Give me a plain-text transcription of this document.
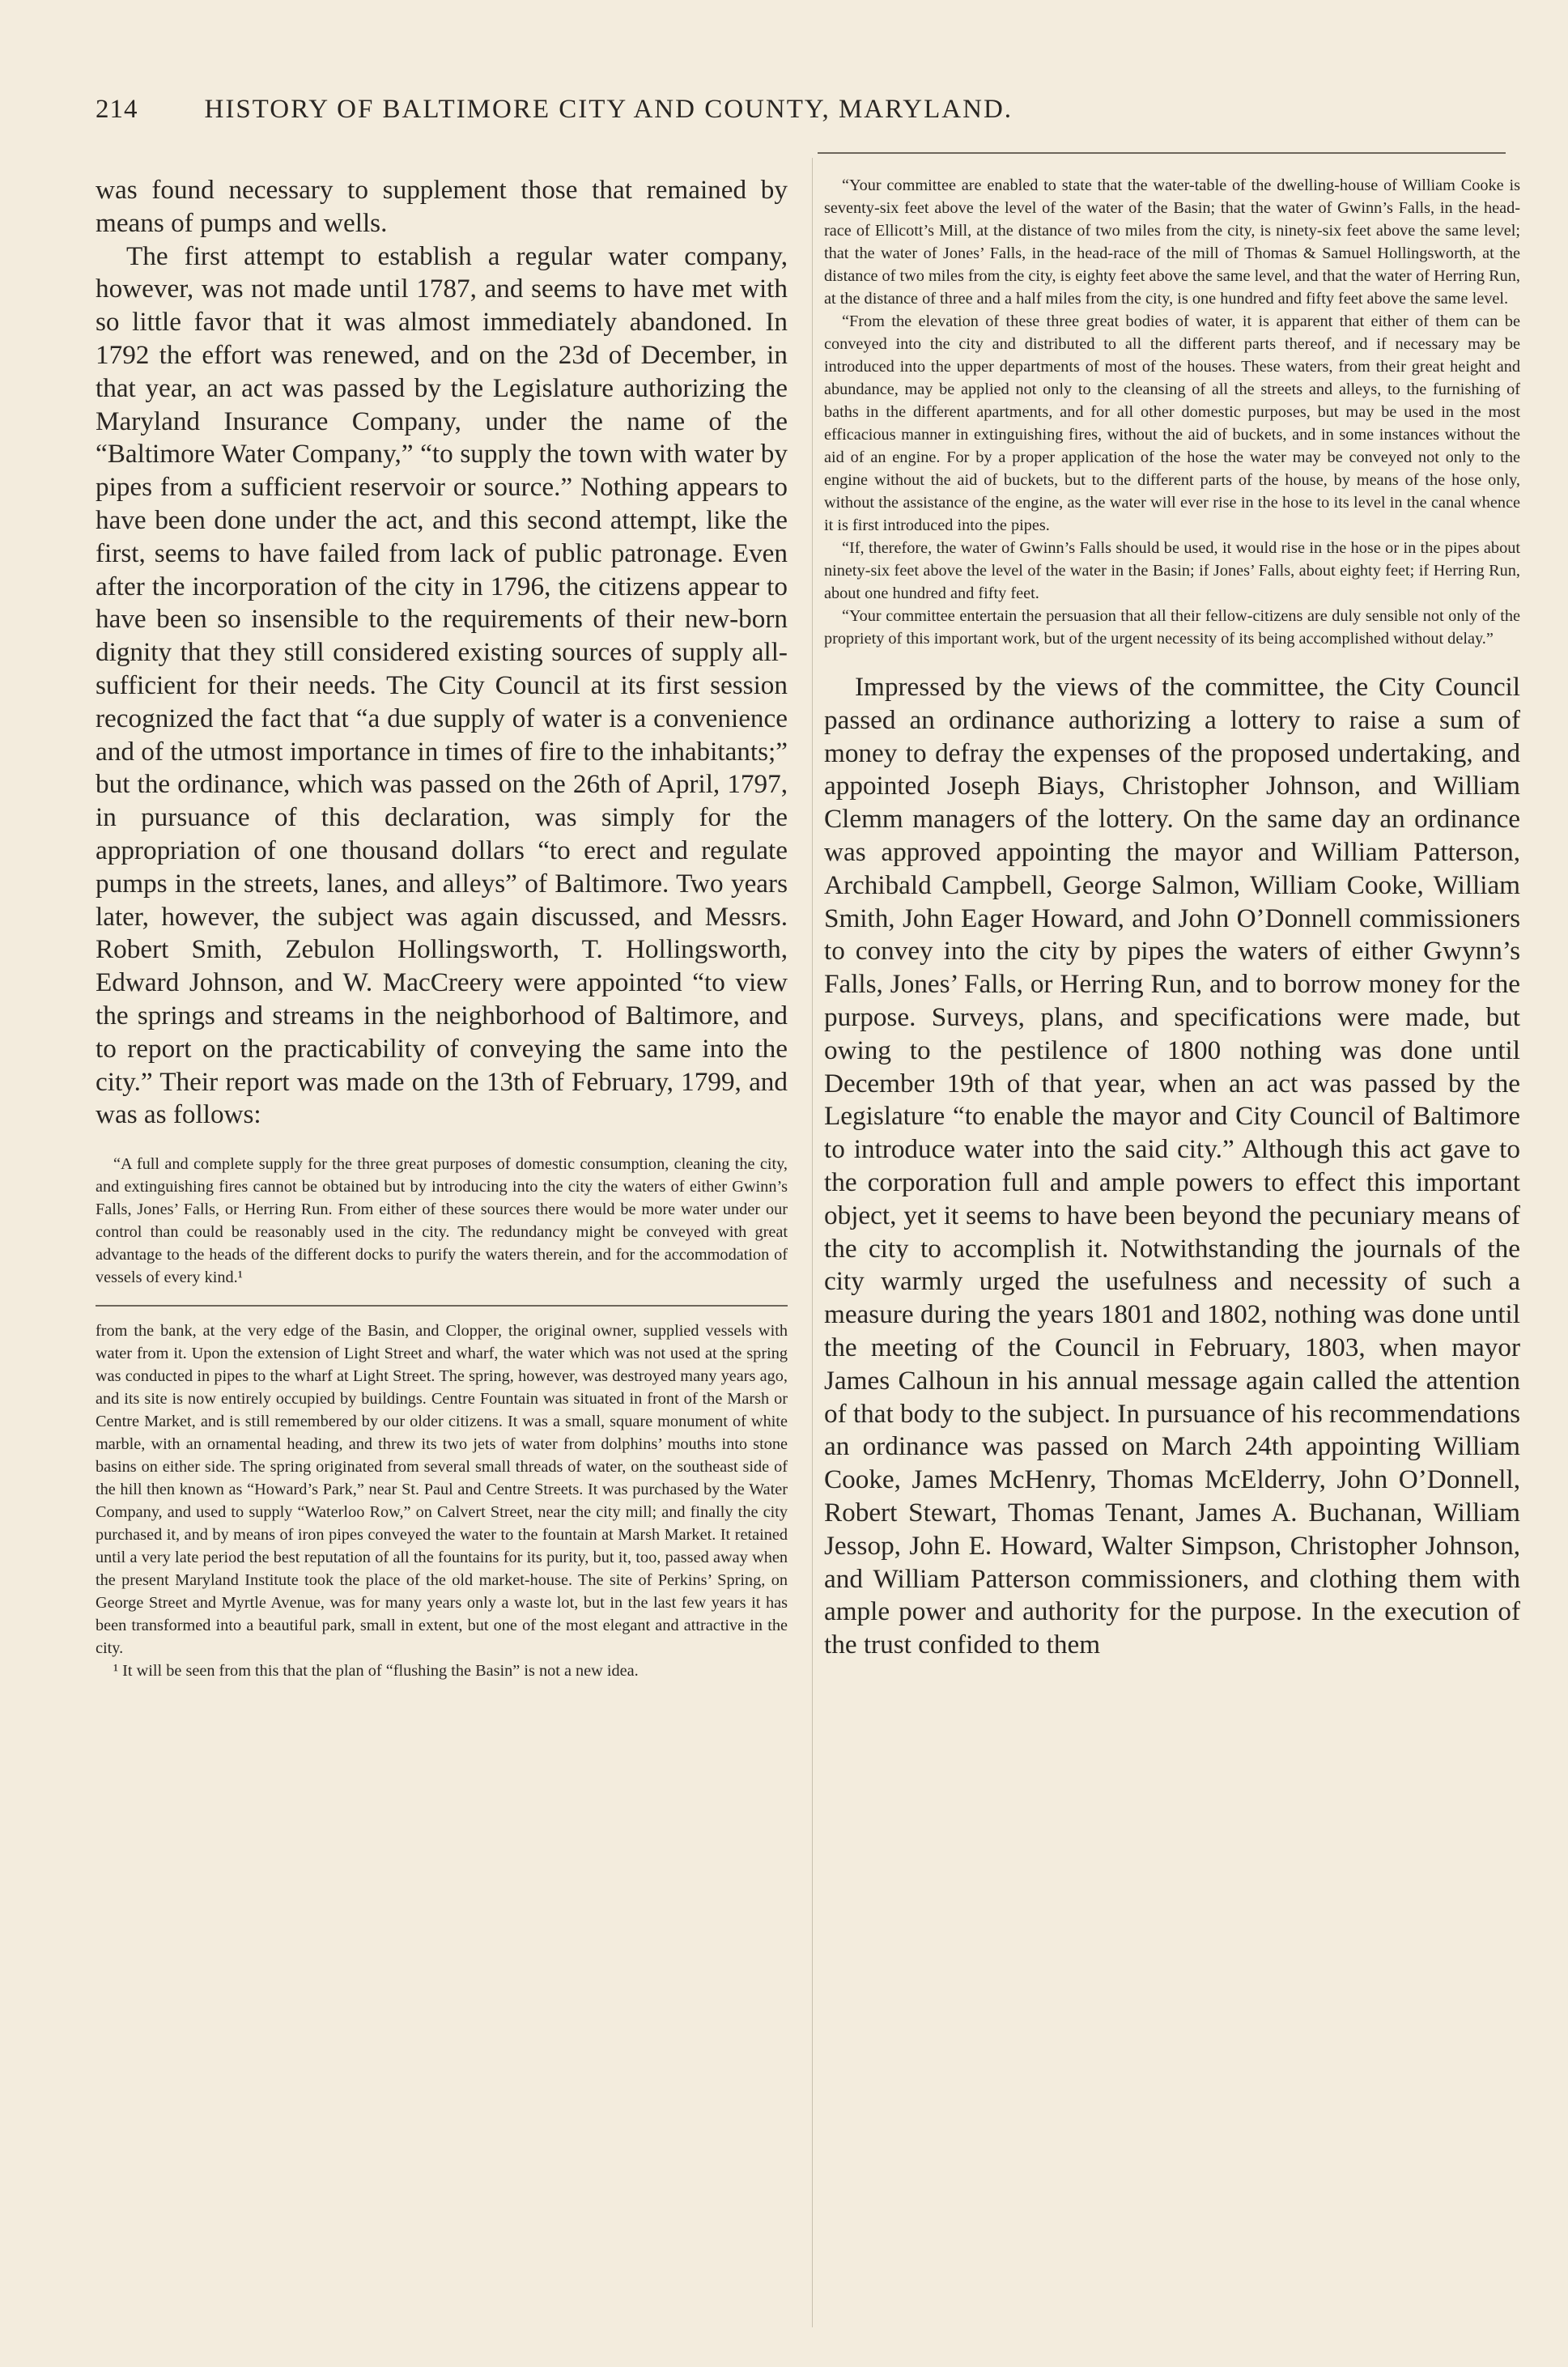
214 HISTORY OF BALTIMORE CITY AND COUNTY, MARYLAND.

was found necessary to supplement those that remained by means of pumps and wells.

The first attempt to establish a regular water company, however, was not made until 1787, and seems to have met with so little favor that it was almost immediately abandoned. In 1792 the effort was renewed, and on the 23d of December, in that year, an act was passed by the Legislature authorizing the Maryland Insurance Company, under the name of the “Baltimore Water Company,” “to supply the town with water by pipes from a sufficient reservoir or source.” Nothing appears to have been done under the act, and this second attempt, like the first, seems to have failed from lack of public patronage. Even after the incorporation of the city in 1796, the citizens appear to have been so insensible to the requirements of their new-born dignity that they still considered existing sources of supply all-sufficient for their needs. The City Council at its first session recognized the fact that “a due supply of water is a convenience and of the utmost importance in times of fire to the inhabitants;” but the ordinance, which was passed on the 26th of April, 1797, in pursuance of this declaration, was simply for the appropriation of one thousand dollars “to erect and regulate pumps in the streets, lanes, and alleys” of Baltimore. Two years later, however, the subject was again discussed, and Messrs. Robert Smith, Zebulon Hollingsworth, T. Hollingsworth, Edward Johnson, and W. MacCreery were appointed “to view the springs and streams in the neighborhood of Baltimore, and to report on the practicability of conveying the same into the city.” Their report was made on the 13th of February, 1799, and was as follows:

“A full and complete supply for the three great purposes of domestic consumption, cleaning the city, and extinguishing fires cannot be obtained but by introducing into the city the waters of either Gwinn’s Falls, Jones’ Falls, or Herring Run. From either of these sources there would be more water under our control than could be reasonably used in the city. The redundancy might be conveyed with great advantage to the heads of the different docks to purify the waters therein, and for the accommodation of vessels of every kind.¹

from the bank, at the very edge of the Basin, and Clopper, the original owner, supplied vessels with water from it. Upon the extension of Light Street and wharf, the water which was not used at the spring was conducted in pipes to the wharf at Light Street. The spring, however, was destroyed many years ago, and its site is now entirely occupied by buildings. Centre Fountain was situated in front of the Marsh or Centre Market, and is still remembered by our older citizens. It was a small, square monument of white marble, with an ornamental heading, and threw its two jets of water from dolphins’ mouths into stone basins on either side. The spring originated from several small threads of water, on the southeast side of the hill then known as “Howard’s Park,” near St. Paul and Centre Streets. It was purchased by the Water Company, and used to supply “Waterloo Row,” on Calvert Street, near the city mill; and finally the city purchased it, and by means of iron pipes conveyed the water to the fountain at Marsh Market. It retained until a very late period the best reputation of all the fountains for its purity, but it, too, passed away when the present Maryland Institute took the place of the old market-house. The site of Perkins’ Spring, on George Street and Myrtle Avenue, was for many years only a waste lot, but in the last few years it has been transformed into a beautiful park, small in extent, but one of the most elegant and attractive in the city.

¹ It will be seen from this that the plan of “flushing the Basin” is not a new idea.

“Your committee are enabled to state that the water-table of the dwelling-house of William Cooke is seventy-six feet above the level of the water of the Basin; that the water of Gwinn’s Falls, in the head-race of Ellicott’s Mill, at the distance of two miles from the city, is ninety-six feet above the same level; that the water of Jones’ Falls, in the head-race of the mill of Thomas & Samuel Hollingsworth, at the distance of two miles from the city, is eighty feet above the same level, and that the water of Herring Run, at the distance of three and a half miles from the city, is one hundred and fifty feet above the same level.

“From the elevation of these three great bodies of water, it is apparent that either of them can be conveyed into the city and distributed to all the different parts thereof, and if necessary may be introduced into the upper departments of most of the houses. These waters, from their great height and abundance, may be applied not only to the cleansing of all the streets and alleys, to the furnishing of baths in the different apartments, and for all other domestic purposes, but may be used in the most efficacious manner in extinguishing fires, without the aid of buckets, and in some instances without the aid of an engine. For by a proper application of the hose the water may be conveyed not only to the engine without the aid of buckets, but to the different parts of the house, by means of the hose only, without the assistance of the engine, as the water will ever rise in the hose to its level in the canal whence it is first introduced into the pipes.

“If, therefore, the water of Gwinn’s Falls should be used, it would rise in the hose or in the pipes about ninety-six feet above the level of the water in the Basin; if Jones’ Falls, about eighty feet; if Herring Run, about one hundred and fifty feet.

“Your committee entertain the persuasion that all their fellow-citizens are duly sensible not only of the propriety of this important work, but of the urgent necessity of its being accomplished without delay.”

Impressed by the views of the committee, the City Council passed an ordinance authorizing a lottery to raise a sum of money to defray the expenses of the proposed undertaking, and appointed Joseph Biays, Christopher Johnson, and William Clemm managers of the lottery. On the same day an ordinance was approved appointing the mayor and William Patterson, Archibald Campbell, George Salmon, William Cooke, William Smith, John Eager Howard, and John O’Donnell commissioners to convey into the city by pipes the waters of either Gwynn’s Falls, Jones’ Falls, or Herring Run, and to borrow money for the purpose. Surveys, plans, and specifications were made, but owing to the pestilence of 1800 nothing was done until December 19th of that year, when an act was passed by the Legislature “to enable the mayor and City Council of Baltimore to introduce water into the said city.” Although this act gave to the corporation full and ample powers to effect this important object, yet it seems to have been beyond the pecuniary means of the city to accomplish it. Notwithstanding the journals of the city warmly urged the usefulness and necessity of such a measure during the years 1801 and 1802, nothing was done until the meeting of the Council in February, 1803, when mayor James Calhoun in his annual message again called the attention of that body to the subject. In pursuance of his recommendations an ordinance was passed on March 24th appointing William Cooke, James McHenry, Thomas McElderry, John O’Donnell, Robert Stewart, Thomas Tenant, James A. Buchanan, William Jessop, John E. Howard, Walter Simpson, Christopher Johnson, and William Patterson commissioners, and clothing them with ample power and authority for the purpose. In the execution of the trust confided to them
